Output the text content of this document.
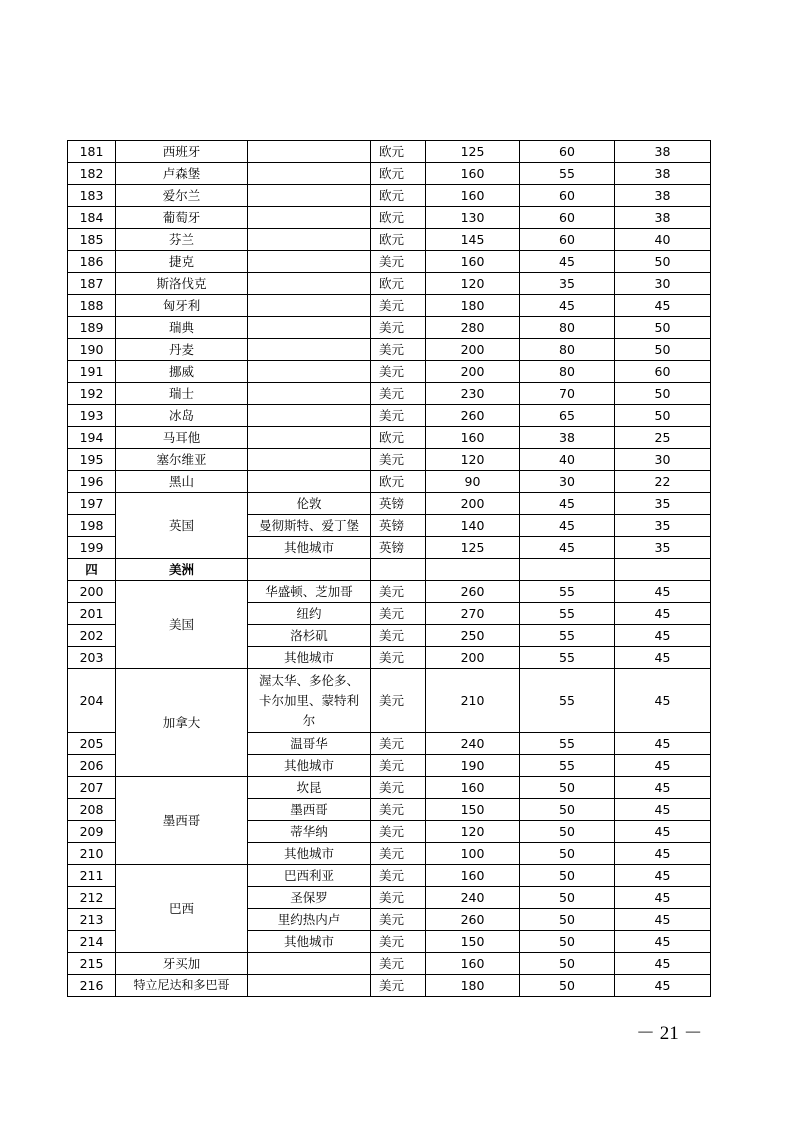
181	西班牙		欧元	125	60	38
182	卢森堡		欧元	160	55	38
183	爱尔兰		欧元	160	60	38
184	葡萄牙		欧元	130	60	38
185	芬兰		欧元	145	60	40
186	捷克		美元	160	45	50
187	斯洛伐克		欧元	120	35	30
188	匈牙利		美元	180	45	45
189	瑞典		美元	280	80	50
190	丹麦		美元	200	80	50
191	挪威		美元	200	80	60
192	瑞士		美元	230	70	50
193	冰岛		美元	260	65	50
194	马耳他		欧元	160	38	25
195	塞尔维亚		美元	120	40	30
196	黑山		欧元	90	30	22
197	英国	伦敦	英镑	200	45	35
198		曼彻斯特、爱丁堡	英镑	140	45	35
199		其他城市	英镑	125	45	35
四	美洲					
200	美国	华盛顿、芝加哥	美元	260	55	45
201		纽约	美元	270	55	45
202		洛杉矶	美元	250	55	45
203		其他城市	美元	200	55	45
204	加拿大	渥太华、多伦多、卡尔加里、蒙特利尔	美元	210	55	45
205		温哥华	美元	240	55	45
206		其他城市	美元	190	55	45
207	墨西哥	坎昆	美元	160	50	45
208		墨西哥	美元	150	50	45
209		蒂华纳	美元	120	50	45
210		其他城市	美元	100	50	45
211	巴西	巴西利亚	美元	160	50	45
212		圣保罗	美元	240	50	45
213		里约热内卢	美元	260	50	45
214		其他城市	美元	150	50	45
215	牙买加		美元	160	50	45
216	特立尼达和多巴哥		美元	180	50	45
－ 21 －
